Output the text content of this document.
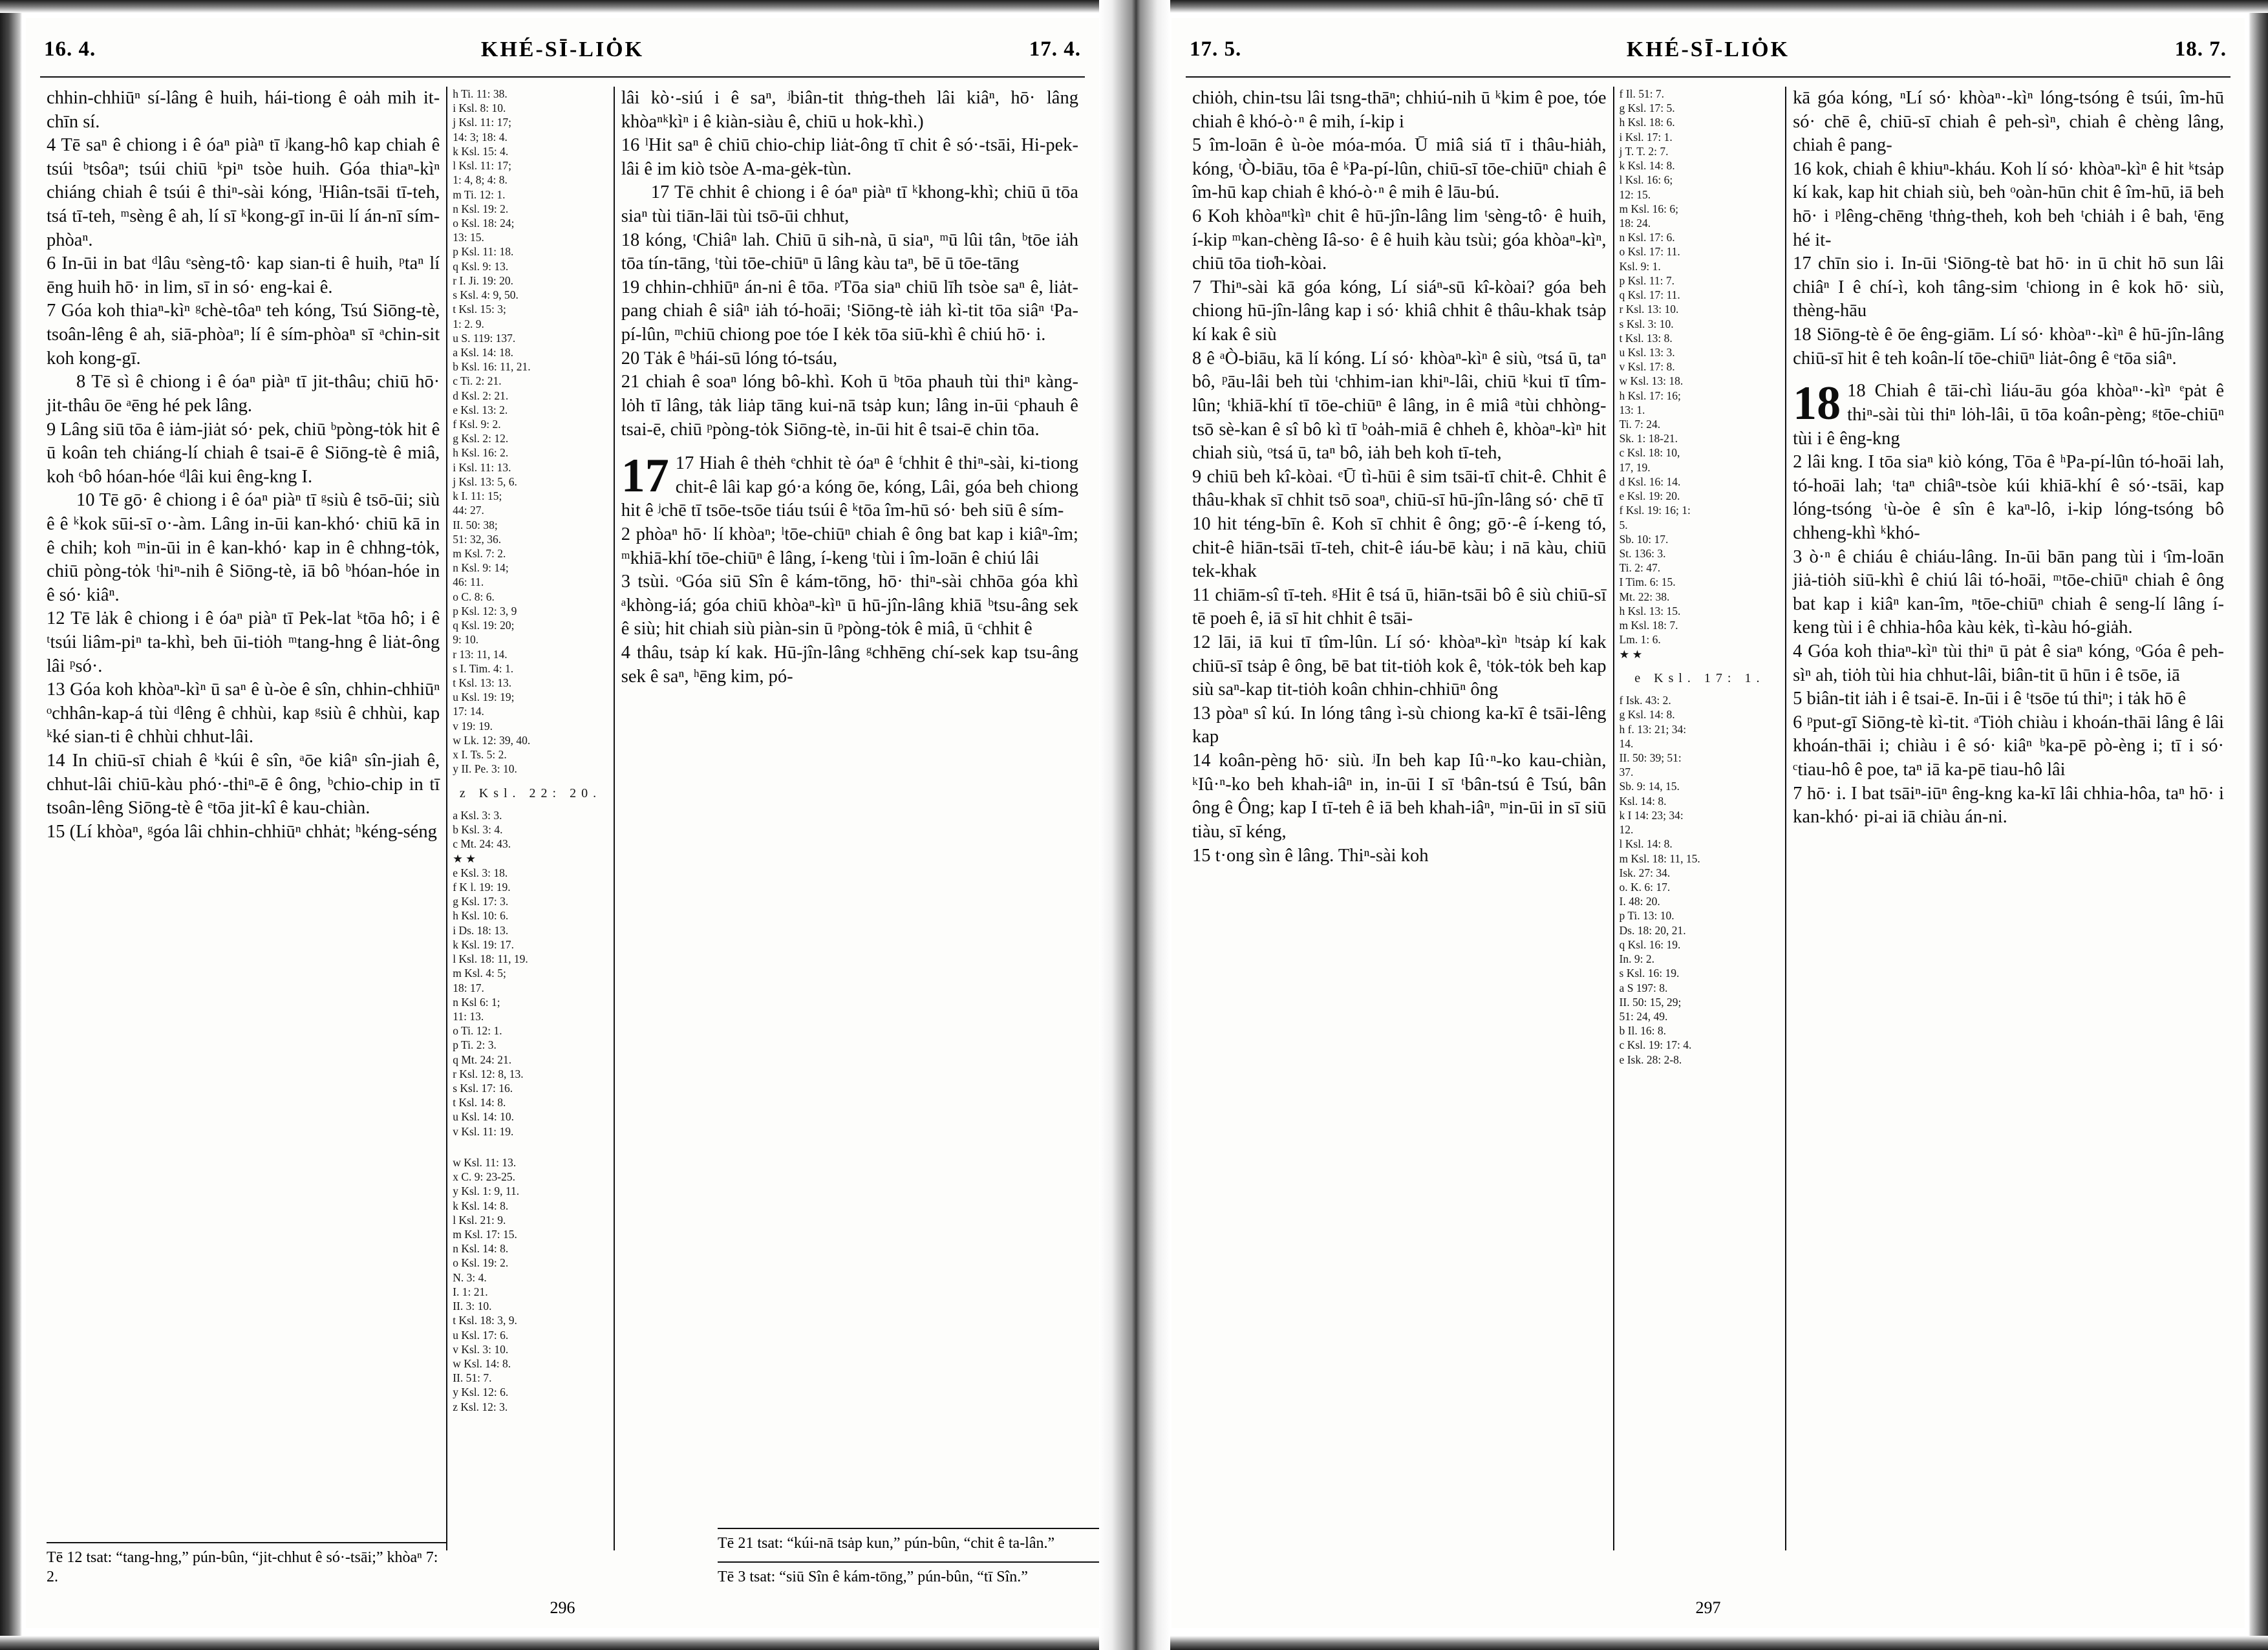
16. 4.	KHÉ-SĪ-LIȮK	17. 4.

chhin-chhiūⁿ sí-lâng ê huih, hái-tiong ê oȧh mih it-chīn sí.

4 Tē saⁿ ê chiong i ê óaⁿ piàⁿ tī ʲkang-hô kap chiah ê tsúi ᵇtsôaⁿ; tsúi chiū ᵏpiⁿ tsòe huih. Góa thiaⁿ-kìⁿ chiáng chiah ê tsúi ê thiⁿ-sài kóng, ˡHiân-tsāi tī-teh, tsá tī-teh, ᵐsèng ê ah, lí sī ᵏkong-gī in-ūi lí án-nī sím-phòaⁿ.

6 In-ūi in bat ᵈlâu ᵉsèng-tô· kap sian-ti ê huih, ᵖtaⁿ lí ēng huih hō· in lim, sī in só· eng-kai ê.

7 Góa koh thiaⁿ-kìⁿ ᵍchè-tôaⁿ teh kóng, Tsú Siōng-tè, tsoân-lêng ê ah, siā-phòaⁿ; lí ê sím-phòaⁿ sī ᵃchin-sit koh kong-gī.

8 Tē sì ê chiong i ê óaⁿ piàⁿ tī jit-thâu; chiū hō· jit-thâu ōe ᵃēng hé pek lâng.

9 Lâng siū tōa ê iȧm-jiȧt só· pek, chiū ᵇpòng-tȯk hit ê ū koân teh chiáng-lí chiah ê tsai-ē ê Siōng-tè ê miâ, koh ᶜbô hóan-hóe ᵈlâi kui êng-kng I.

10 Tē gō· ê chiong i ê óaⁿ piàⁿ tī ᵍsiù ê tsō-ūi; siù ê ê ᵏkok sūi-sī o·-àm. Lâng in-ūi kan-khó· chiū kā in ê chih; koh ᵐin-ūi in ê kan-khó· kap in ê chhng-tȯk, chiū pòng-tȯk ᵗhiⁿ-nih ê Siōng-tè, iā bô ᵇhóan-hóe in ê só· kiâⁿ.

12 Tē lȧk ê chiong i ê óaⁿ piàⁿ tī Pek-lat ᵏtōa hô; i ê ᵗtsúi liâm-piⁿ ta-khì, beh ūi-tiȯh ᵐtang-hng ê liȧt-ông lâi ᵖsó·.

13 Góa koh khòaⁿ-kìⁿ ū saⁿ ê ù-òe ê sîn, chhin-chhiūⁿ ᵒchhân-kap-á tùi ᵈlêng ê chhùi, kap ᵍsiù ê chhùi, kap ᵏké sian-ti ê chhùi chhut-lâi.

14 In chiū-sī chiah ê ᵏkúi ê sîn, ᵃōe kiâⁿ sîn-jiah ê, chhut-lâi chiū-kàu phó·-thiⁿ-ē ê ông, ᵇchio-chip in tī tsoân-lêng Siōng-tè ê ᵉtōa jit-kî ê kau-chiàn.

15 (Lí khòaⁿ, ᵍgóa lâi chhin-chhiūⁿ chhȧt; ʰkéng-séng

h Ti. 11: 38.
i Ksl. 8: 10.
j Ksl. 11: 17;
14: 3; 18: 4.
k Ksl. 15: 4.
l Ksl. 11: 17;
1: 4, 8; 4: 8.
m Ti. 12: 1.
n Ksl. 19: 2.
o Ksl. 18: 24;
13: 15.
p Ksl. 11: 18.
q Ksl. 9: 13.
r I. Ji. 19: 20.
s Ksl. 4: 9, 50.
t Ksl. 15: 3;
1: 2. 9.
u S. 119: 137.
a Ksl. 14: 18.
b Ksl. 16: 11, 21.
c Ti. 2: 21.
d Ksl. 2: 21.
e Ksl. 13: 2.
f Ksl. 9: 2.
g Ksl. 2: 12.
h Ksl. 16: 2.
i Ksl. 11: 13.
j Ksl. 13: 5, 6.
k I. 11: 15;
44: 27.
II. 50: 38;
51: 32, 36.
m Ksl. 7: 2.
n Ksl. 9: 14;
46: 11.
o C. 8: 6.
p Ksl. 12: 3, 9
q Ksl. 19: 20;
9: 10.
r 13: 11, 14.
s I. Tim. 4: 1.
t Ksl. 13: 13.
u Ksl. 19: 19;
17: 14.
v 19: 19.
w Lk. 12: 39, 40.
x I. Ts. 5: 2.
y II. Pe. 3: 10.
z Ksl. 22: 20.
a Ksl. 3: 3.
b Ksl. 3: 4.
c Mt. 24: 43.
★ ★
e Ksl. 3: 18.
f K l. 19: 19.
g Ksl. 17: 3.
h Ksl. 10: 6.
i Ds. 18: 13.
k Ksl. 19: 17.
l Ksl. 18: 11, 19.
m Ksl. 4: 5;
18: 17.
n Ksl 6: 1;
11: 13.
o Ti. 12: 1.
p Ti. 2: 3.
q Mt. 24: 21.
r Ksl. 12: 8, 13.
s Ksl. 17: 16.
t Ksl. 14: 8.
u Ksl. 14: 10.
v Ksl. 11: 19.
w Ksl. 11: 13.
x C. 9: 23-25.
y Ksl. 1: 9, 11.
k Ksl. 14: 8.
l Ksl. 21: 9.
m Ksl. 17: 15.
n Ksl. 14: 8.
o Ksl. 19: 2.
N. 3: 4.
I. 1: 21.
II. 3: 10.
t Ksl. 18: 3, 9.
u Ksl. 17: 6.
v Ksl. 3: 10.
w Ksl. 14: 8.
II. 51: 7.
y Ksl. 12: 6.
z Ksl. 12: 3.

lâi kò·-siú i ê saⁿ, ʲbiân-tit thṅg-theh lâi kiâⁿ, hō· lâng khòaⁿᵏkìⁿ i ê kiàn-siàu ê, chiū u hok-khì.)

16 ˡHit saⁿ ê chiū chio-chip liȧt-ông tī chit ê só·-tsāi, Hi-pek-lâi ê im kiò tsòe A-ma-gėk-tùn.

17 Tē chhit ê chiong i ê óaⁿ piàⁿ tī ᵏkhong-khì; chiū ū tōa siaⁿ tùi tiān-lāi tùi tsō-ūi chhut,

18 kóng, ᵗChiâⁿ lah. Chiū ū sih-nà, ū siaⁿ, ᵐū lûi tân, ᵇtōe iȧh tōa tín-tāng, ᵗtùi tōe-chiūⁿ ū lâng kàu taⁿ, bē ū tōe-tāng

19 chhin-chhiūⁿ án-ni ê tōa. ᵖTōa siaⁿ chiū līh tsòe saⁿ ê, liȧt-pang chiah ê siâⁿ iȧh tó-hoāi; ᵗSiōng-tè iȧh kì-tit tōa siâⁿ ᵗPa-pí-lûn, ᵐchiū chiong poe tóe I kėk tōa siū-khì ê chiú hō· i.

20 Tȧk ê ᵇhái-sū lóng tó-tsáu,

21 chiah ê soaⁿ lóng bô-khì. Koh ū ᵇtōa phauh tùi thiⁿ kàng-lȯh tī lâng, tȧk liȧp tāng kui-nā tsȧp kun; lâng in-ūi ᶜphauh ê tsai-ē, chiū ᵖpòng-tȯk Siōng-tè, in-ūi hit ê tsai-ē chin tōa.

17 17 Hiah ê thėh ᵉchhit tè óaⁿ ê ᶠchhit ê thiⁿ-sài, ki-tiong chit-ê lâi kap gó·a kóng ōe, kóng, Lâi, góa beh chiong hit ê ʲchē tī tsōe-tsōe tiáu tsúi ê ᵏtōa îm-hū só· beh siū ê sím-

2 phòaⁿ hō· lí khòaⁿ; ˡtōe-chiūⁿ chiah ê ông bat kap i kiâⁿ-îm; ᵐkhiā-khí tōe-chiūⁿ ê lâng, í-keng ᵗtùi i îm-loān ê chiú lâi

3 tsùi. ᵒGóa siū Sîn ê kám-tōng, hō· thiⁿ-sài chhōa góa khì ᵃkhòng-iá; góa chiū khòaⁿ-kìⁿ ū hū-jîn-lâng khiā ᵇtsu-âng sek ê siù; hit chiah siù piàn-sin ū ᵖpòng-tȯk ê miâ, ū ᶜchhit ê

4 thâu, tsȧp kí kak. Hū-jîn-lâng ᵍchhēng chí-sek kap tsu-âng sek ê saⁿ, ʰēng kim, pó-

Tē 12 tsat: “tang-hng,” pún-bûn, “jit-chhut ê só·-tsāi;” khòaⁿ 7: 2.
Tē 21 tsat: “kúi-nā tsȧp kun,” pún-bûn, “chit ê ta-lân.”
Tē 3 tsat: “siū Sîn ê kám-tōng,” pún-bûn, “tī Sîn.”
296
17. 5.	KHÉ-SĪ-LIȮK	18. 7.

chiȯh, chin-tsu lâi tsng-thāⁿ; chhiú-nih ū ᵏkim ê poe, tóe chiah ê khó-ò·ⁿ ê mih, í-kip i

5 îm-loān ê ù-òe móa-móa. Ū miâ siá tī i thâu-hiȧh, kóng, ᵗÒ-biāu, tōa ê ᵏPa-pí-lûn, chiū-sī tōe-chiūⁿ chiah ê îm-hū kap chiah ê khó-ò·ⁿ ê mih ê lāu-bú.

6 Koh khòaⁿᵗkìⁿ chit ê hū-jîn-lâng lim ᵗsèng-tô· ê huih, í-kip ᵐkan-chèng Iâ-so· ê ê huih kàu tsùi; góa khòaⁿ-kìⁿ, chiū tōa tio̍h-kòai.

7 Thiⁿ-sài kā góa kóng, Lí siáⁿ-sū kî-kòai? góa beh chiong hū-jîn-lâng kap i só· khiâ chhit ê thâu-khak tsȧp kí kak ê siù

8 ê ᵃÒ-biāu, kā lí kóng. Lí só· khòaⁿ-kìⁿ ê siù, ᵒtsá ū, taⁿ bô, ᵖāu-lâi beh tùi ᵗchhim-ian khiⁿ-lâi, chiū ᵏkui tī tîm-lûn; ᵗkhiā-khí tī tōe-chiūⁿ ê lâng, in ê miâ ᵃtùi chhòng-tsō sè-kan ê sî bô kì tī ᵇoȧh-miā ê chheh ê, khòaⁿ-kìⁿ hit chiah siù, ᵒtsá ū, taⁿ bô, iȧh beh koh tī-teh,

9 chiū beh kî-kòai. ᵉŪ tì-hūi ê sim tsāi-tī chit-ê. Chhit ê thâu-khak sī chhit tsō soaⁿ, chiū-sī hū-jîn-lâng só· chē tī

10 hit téng-bīn ê. Koh sī chhit ê ông; gō·-ê í-keng tó, chit-ê hiān-tsāi tī-teh, chit-ê iáu-bē kàu; i nā kàu, chiū tek-khak

11 chiām-sî tī-teh. ᵍHit ê tsá ū, hiān-tsāi bô ê siù chiū-sī tē poeh ê, iā sī hit chhit ê tsāi-

12 lāi, iā kui tī tîm-lûn. Lí só· khòaⁿ-kìⁿ ʰtsȧp kí kak chiū-sī tsȧp ê ông, bē bat tit-tiȯh kok ê, ᵗtȯk-tȯk beh kap siù saⁿ-kap tit-tiȯh koân chhin-chhiūⁿ ông

13 pòaⁿ sî kú. In lóng tâng ì-sù chiong ka-kī ê tsāi-lêng kap

14 koân-pèng hō· siù. ʲIn beh kap Iû·ⁿ-ko kau-chiàn, ᵏIû·ⁿ-ko beh khah-iâⁿ in, in-ūi I sī ᵗbân-tsú ê Tsú, bân ông ê Ông; kap I tī-teh ê iā beh khah-iâⁿ, ᵐin-ūi in sī siū tiàu, sī kéng,

15 t·ong sìn ê lâng. Thiⁿ-sài koh

f Il. 51: 7.
g Ksl. 17: 5.
h Ksl. 18: 6.
i Ksl. 17: 1.
j T. T. 2: 7.
k Ksl. 14: 8.
l Ksl. 16: 6;
12: 15.
m Ksl. 16: 6;
18: 24.
n Ksl. 17: 6.
o Ksl. 17: 11.
Ksl. 9: 1.
p Ksl. 11: 7.
q Ksl. 17: 11.
r Ksl. 13: 10.
s Ksl. 3: 10.
t Ksl. 13: 8.
u Ksl. 13: 3.
v Ksl. 17: 8.
w Ksl. 13: 18.
h Ksl. 17: 16;
13: 1.
Ti. 7: 24.
Sk. 1: 18-21.
c Ksl. 18: 10,
17, 19.
d Ksl. 16: 14.
e Ksl. 19: 20.
f Ksl. 19: 16; 1:
5.
Sb. 10: 17.
St. 136: 3.
Ti. 2: 47.
I Tim. 6: 15.
Mt. 22: 38.
h Ksl. 13: 15.
m Ksl. 18: 7.
Lm. 1: 6.
★ ★
e Ksl. 17: 1.
f Isk. 43: 2.
g Ksl. 14: 8.
h f. 13: 21; 34:
14.
II. 50: 39; 51:
37.
Sb. 9: 14, 15.
Ksl. 14: 8.
k I 14: 23; 34:
12.
l Ksl. 14: 8.
m Ksl. 18: 11, 15.
Isk. 27: 34.
o. K. 6: 17.
I. 48: 20.
p Ti. 13: 10.
Ds. 18: 20, 21.
q Ksl. 16: 19.
In. 9: 2.
s Ksl. 16: 19.
a S 197: 8.
II. 50: 15, 29;
51: 24, 49.
b Il. 16: 8.
c Ksl. 19: 17: 4.
e Isk. 28: 2-8.

kā góa kóng, ⁿLí só· khòaⁿ·-kìⁿ lóng-tsóng ê tsúi, îm-hū só· chē ê, chiū-sī chiah ê peh-sìⁿ, chiah ê chèng lâng, chiah ê pang-

16 kok, chiah ê khiuⁿ-kháu. Koh lí só· khòaⁿ-kìⁿ ê hit ᵏtsȧp kí kak, kap hit chiah siù, beh ᵒoàn-hūn chit ê îm-hū, iā beh hō· i ᵖlêng-chēng ᵗthṅg-theh, koh beh ᵗchiȧh i ê bah, ᵗēng hé it-

17 chīn sio i. In-ūi ᵗSiōng-tè bat hō· in ū chit hō sun lâi chiâⁿ I ê chí-ì, koh tâng-sim ᵗchiong in ê kok hō· siù, thèng-hāu

18 Siōng-tè ê ōe êng-giām. Lí só· khòaⁿ·-kìⁿ ê hū-jîn-lâng chiū-sī hit ê teh koân-lí tōe-chiūⁿ liȧt-ông ê ᵉtōa siâⁿ.

18 18 Chiah ê tāi-chì liáu-āu góa khòaⁿ·-kìⁿ ᵉpȧt ê thiⁿ-sài tùi thiⁿ lȯh-lâi, ū tōa koân-pèng; ᵍtōe-chiūⁿ tùi i ê êng-kng

2 lâi kng. I tōa siaⁿ kiò kóng, Tōa ê ʰPa-pí-lûn tó-hoāi lah, tó-hoāi lah; ᵗtaⁿ chiâⁿ-tsòe kúi khiā-khí ê só·-tsāi, kap lóng-tsóng ᵗù-òe ê sîn ê kaⁿ-lô, i-kip lóng-tsóng bô chheng-khì ᵏkhó-

3 ò·ⁿ ê chiáu ê chiáu-lâng. In-ūi bān pang tùi i ᵗîm-loān jiȧ-tiȯh siū-khì ê chiú lâi tó-hoāi, ᵐtōe-chiūⁿ chiah ê ông bat kap i kiâⁿ kan-îm, ⁿtōe-chiūⁿ chiah ê seng-lí lâng í-keng tùi i ê chhia-hôa kàu kėk, tì-kàu hó-giȧh.

4 Góa koh thiaⁿ-kìⁿ tùi thiⁿ ū pȧt ê siaⁿ kóng, ᵒGóa ê peh-sìⁿ ah, tiȯh tùi hia chhut-lâi, biân-tit ū hūn i ê tsōe, iā

5 biân-tit iȧh i ê tsai-ē. In-ūi i ê ᵗtsōe tú thiⁿ; i tȧk hō ê

6 ᵖput-gī Siōng-tè kì-tit. ᵃTiȯh chiàu i khoán-thāi lâng ê lâi khoán-thāi i; chiàu i ê só· kiâⁿ ᵇka-pē pò-èng i; tī i só· ᶜtiau-hô ê poe, taⁿ iā ka-pē tiau-hô lâi

7 hō· i. I bat tsāiⁿ-iūⁿ êng-kng ka-kī lâi chhia-hôa, taⁿ hō· i kan-khó· pi-ai iā chiàu án-ni.

297
